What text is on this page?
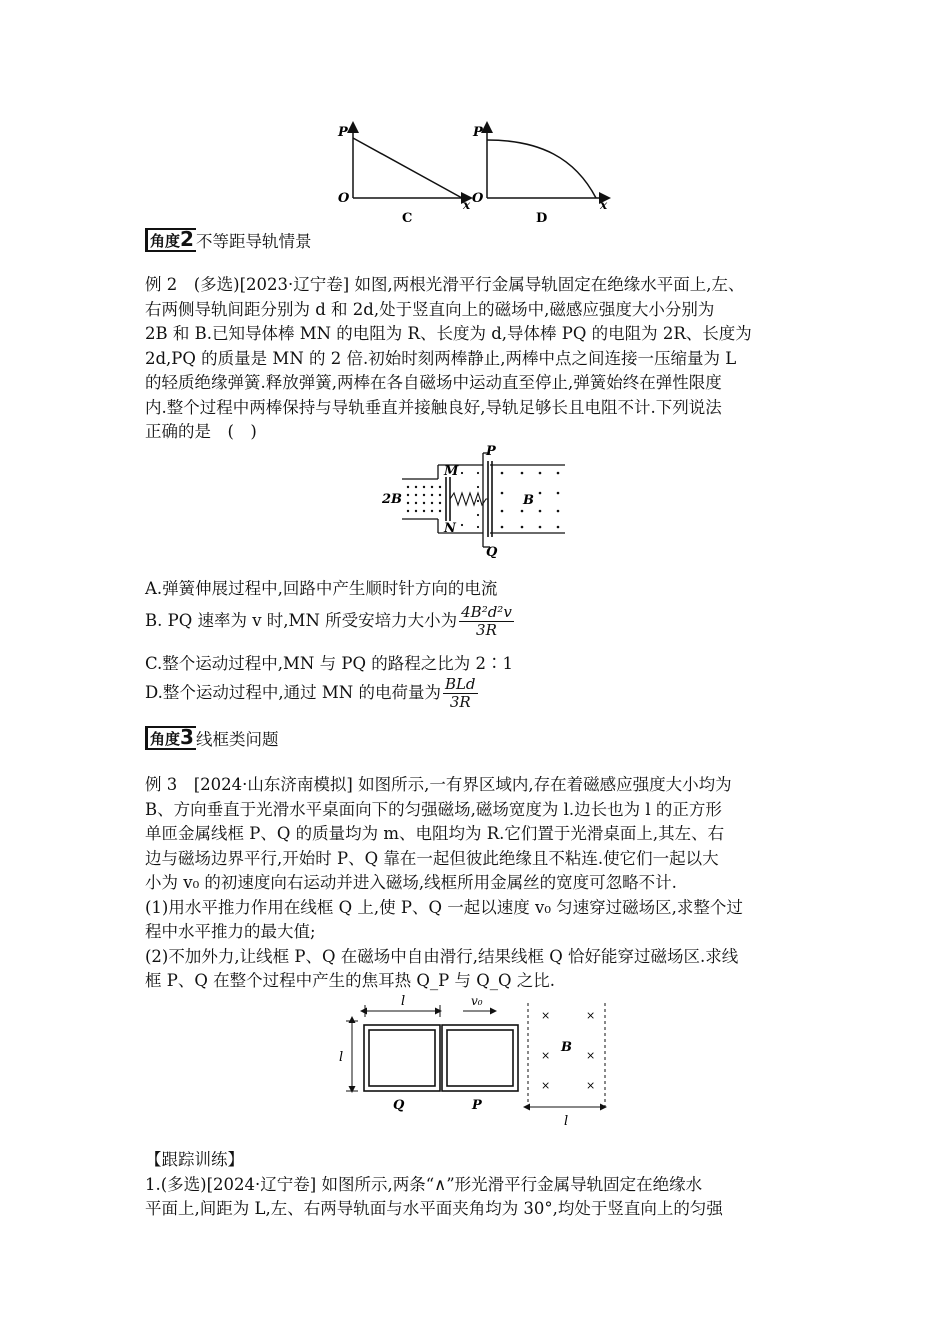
P
O	x
C
P
O	x
D
角度2 不等距导轨情景
例 2　(多选)[2023·辽宁卷] 如图,两根光滑平行金属导轨固定在绝缘水平面上,左、
右两侧导轨间距分别为 d 和 2d,处于竖直向上的磁场中,磁感应强度大小分别为
2B 和 B.已知导体棒 MN 的电阻为 R、长度为 d,导体棒 PQ 的电阻为 2R、长度为
2d,PQ 的质量是 MN 的 2 倍.初始时刻两棒静止,两棒中点之间连接一压缩量为 L
的轻质绝缘弹簧.释放弹簧,两棒在各自磁场中运动直至停止,弹簧始终在弹性限度
内.整个过程中两棒保持与导轨垂直并接触良好,导轨足够长且电阻不计.下列说法
正确的是　(　)
2B
M
N
P
Q
B
A.弹簧伸展过程中,回路中产生顺时针方向的电流
B. PQ 速率为 v 时,MN 所受安培力大小为 $\frac{\text{4B²d²v}}{3R}$
C.整个运动过程中,MN 与 PQ 的路程之比为 2∶1
D.整个运动过程中,通过 MN 的电荷量为 $\frac{\text{BLd}}{3R}$
角度3 线框类问题
例 3　[2024·山东济南模拟] 如图所示,一有界区域内,存在着磁感应强度大小均为
B、方向垂直于光滑水平桌面向下的匀强磁场,磁场宽度为 l.边长也为 l 的正方形
单匝金属线框 P、Q 的质量均为 m、电阻均为 R.它们置于光滑桌面上,其左、右
边与磁场边界平行,开始时 P、Q 靠在一起但彼此绝缘且不粘连.使它们一起以大
小为 v₀ 的初速度向右运动并进入磁场,线框所用金属丝的宽度可忽略不计.
(1)用水平推力作用在线框 Q 上,使 P、Q 一起以速度 v₀ 匀速穿过磁场区,求整个过
程中水平推力的最大值;
(2)不加外力,让线框 P、Q 在磁场中自由滑行,结果线框 Q 恰好能穿过磁场区.求线
框 P、Q 在整个过程中产生的焦耳热 Q_P 与 Q_Q 之比.
l	v₀
l
Q	P
×	×
×	×
×	×
B
l
【跟踪训练】
1.(多选)[2024·辽宁卷] 如图所示,两条“∧”形光滑平行金属导轨固定在绝缘水
平面上,间距为 L,左、右两导轨面与水平面夹角均为 30°,均处于竖直向上的匀强
